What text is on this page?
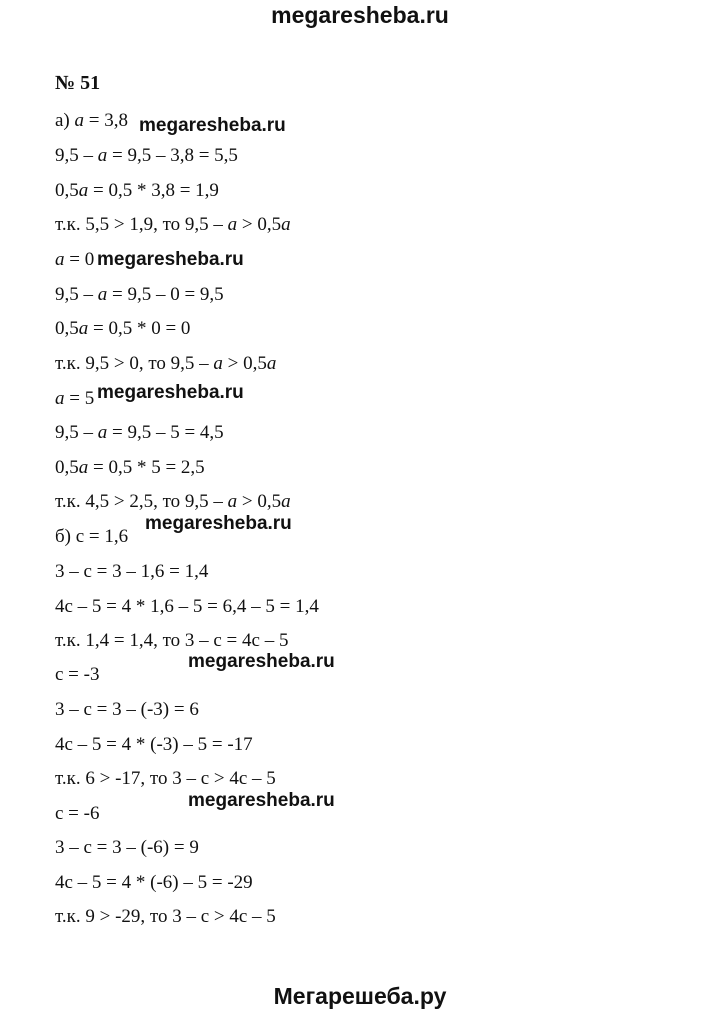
megaresheba.ru
№ 51
а) a = 3,8
9,5 – a = 9,5 – 3,8 = 5,5
0,5a = 0,5 * 3,8 = 1,9
т.к. 5,5 > 1,9, то 9,5 – a > 0,5a
a = 0
9,5 – a = 9,5 – 0 = 9,5
0,5a = 0,5 * 0 = 0
т.к. 9,5 > 0, то 9,5 – a > 0,5a
a = 5
9,5 – a = 9,5 – 5 = 4,5
0,5a = 0,5 * 5 = 2,5
т.к. 4,5 > 2,5, то 9,5 – a > 0,5a
б) с = 1,6
3 – с = 3 – 1,6 = 1,4
4с – 5 = 4 * 1,6 – 5 = 6,4 – 5 = 1,4
т.к. 1,4 = 1,4, то 3 – с = 4с – 5
с = -3
3 – с = 3 – (-3) = 6
4с – 5 = 4 * (-3) – 5 = -17
т.к. 6 > -17, то 3 – с > 4с – 5
с = -6
3 – с = 3 – (-6) = 9
4с – 5 = 4 * (-6) – 5 = -29
т.к. 9 > -29, то 3 – с > 4с – 5
megaresheba.ru
megaresheba.ru
megaresheba.ru
megaresheba.ru
megaresheba.ru
megaresheba.ru
Мегарешеба.ру
